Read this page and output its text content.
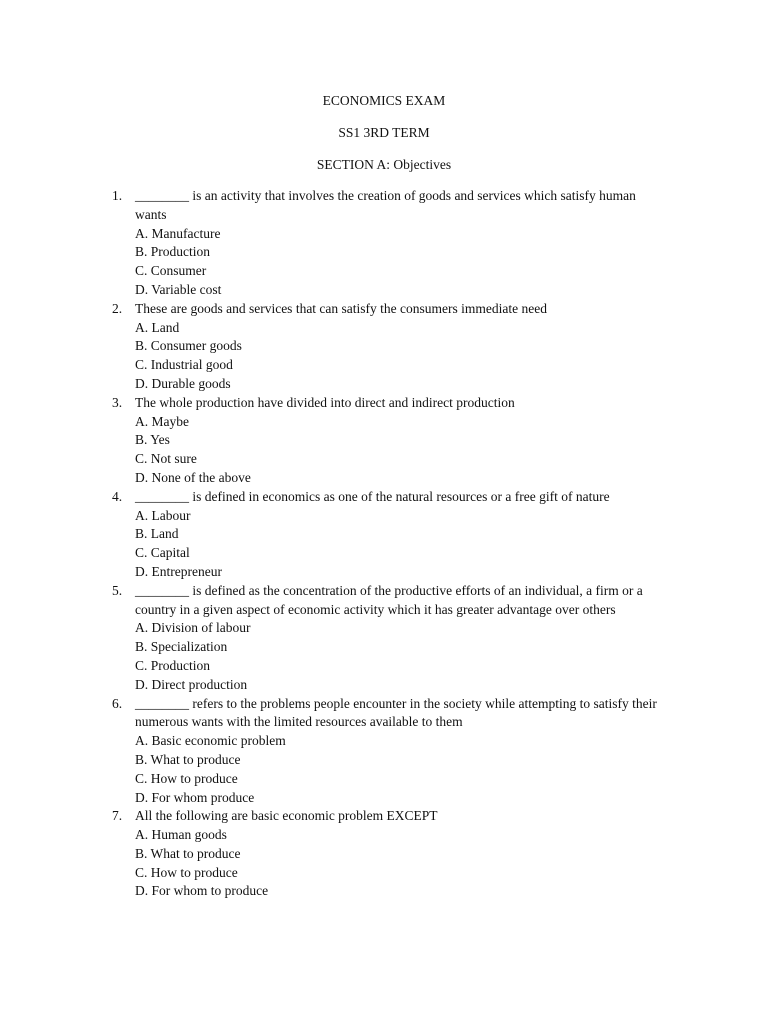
ECONOMICS EXAM
SS1 3RD TERM
SECTION A: Objectives
1. ________ is an activity that involves the creation of goods and services which satisfy human wants
A. Manufacture
B. Production
C. Consumer
D. Variable cost
2. These are goods and services that can satisfy the consumers immediate need
A. Land
B. Consumer goods
C. Industrial good
D. Durable goods
3. The whole production have divided into direct and indirect production
A. Maybe
B. Yes
C. Not sure
D. None of the above
4. ________ is defined in economics as one of the natural resources or a free gift of nature
A. Labour
B. Land
C. Capital
D. Entrepreneur
5. ________ is defined as the concentration of the productive efforts of an individual, a firm or a country in a given aspect of economic activity which it has greater advantage over others
A. Division of labour
B. Specialization
C. Production
D. Direct production
6. ________ refers to the problems people encounter in the society while attempting to satisfy their numerous wants with the limited resources available to them
A. Basic economic problem
B. What to produce
C. How to produce
D. For whom produce
7. All the following are basic economic problem EXCEPT
A. Human goods
B. What to produce
C. How to produce
D. For whom to produce
